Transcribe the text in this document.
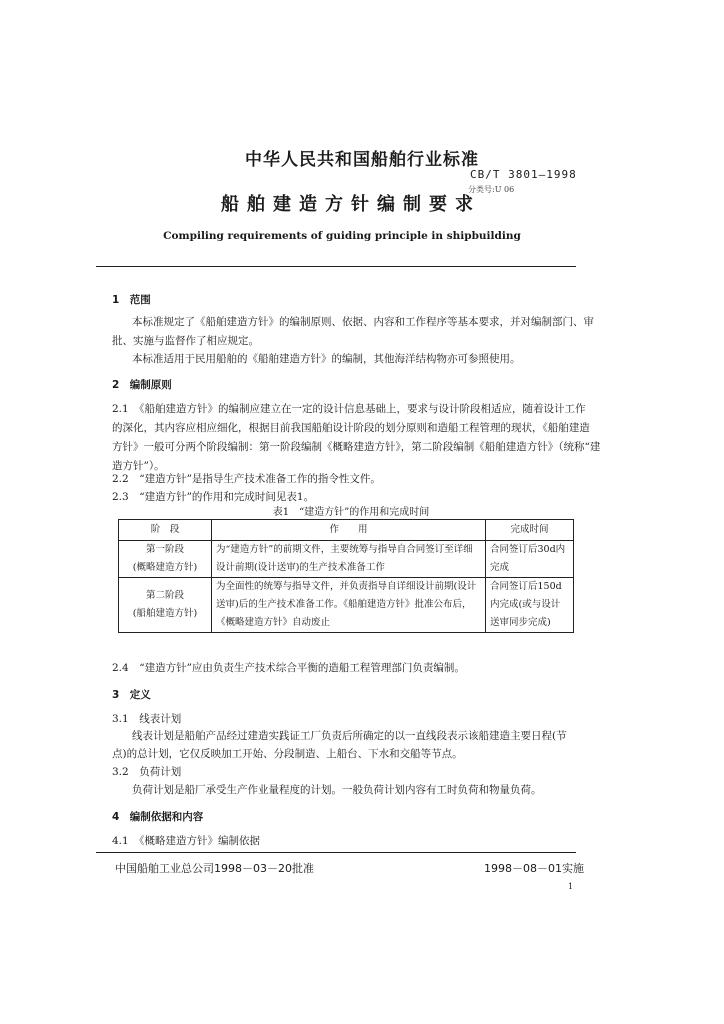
中华人民共和国船舶行业标准
CB/T 3801—1998
分类号:U 06
船舶建造方针编制要求
Compiling requirements of guiding principle in shipbuilding
1　范围
本标准规定了《船舶建造方针》的编制原则、依据、内容和工作程序等基本要求，并对编制部门、审
批、实施与监督作了相应规定。
本标准适用于民用船舶的《船舶建造方针》的编制，其他海洋结构物亦可参照使用。
2　编制原则
2.1　《船舶建造方针》的编制应建立在一定的设计信息基础上，要求与设计阶段相适应，随着设计工作
的深化，其内容应相应细化，根据目前我国船舶设计阶段的划分原则和造船工程管理的现状，《船舶建造
方针》一般可分两个阶段编制：第一阶段编制《概略建造方针》，第二阶段编制《船舶建造方针》（统称“建
造方针”）。
2.2　“建造方针”是指导生产技术准备工作的指令性文件。
2.3　“建造方针”的作用和完成时间见表1。
表1　“建造方针”的作用和完成时间
阶　段	作　　用	完成时间

第一阶段
(概略建造方针)	为“建造方针”的前期文件，主要统筹与指导自合同签订至详细设计前期(设计送审)的生产技术准备工作	合同签订后30d内完成

第二阶段
(船舶建造方针)	为全面性的统筹与指导文件，并负责指导自详细设计前期(设计送审)后的生产技术准备工作。《船舶建造方针》批准公布后，《概略建造方针》自动废止	合同签订后150d内完成(或与设计送审同步完成)
2.4　“建造方针”应由负责生产技术综合平衡的造船工程管理部门负责编制。
3　定义
3.1　线表计划
线表计划是船舶产品经过建造实践证工厂负责后所确定的以一直线段表示该船建造主要日程(节
点)的总计划，它仅反映加工开始、分段制造、上船台、下水和交船等节点。
3.2　负荷计划
负荷计划是船厂承受生产作业量程度的计划。一般负荷计划内容有工时负荷和物量负荷。
4　编制依据和内容
4.1　《概略建造方针》编制依据
中国船舶工业总公司1998－03－20批准	1998－08－01实施
1
